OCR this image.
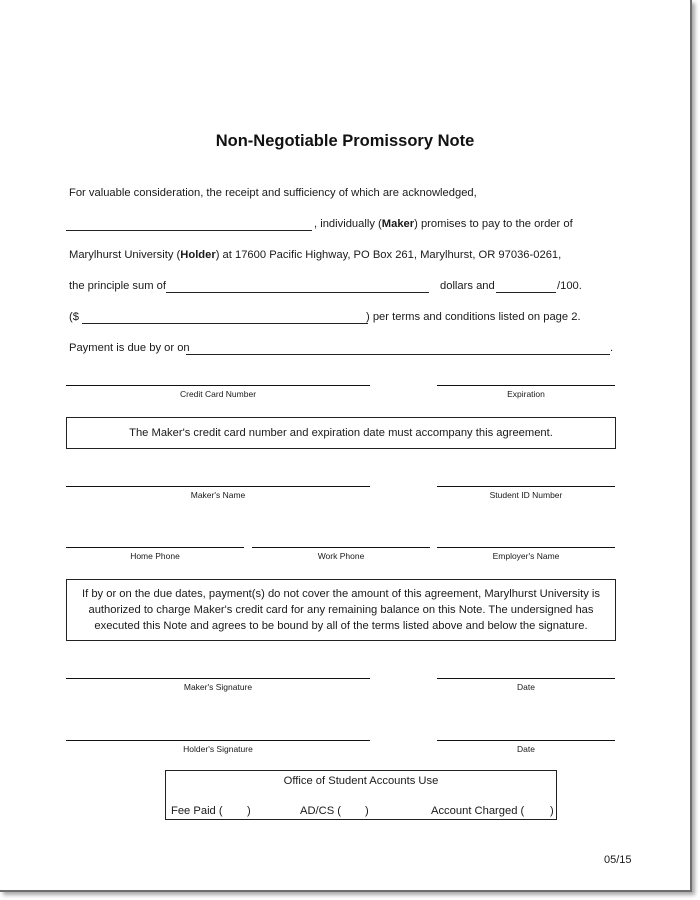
Non-Negotiable Promissory Note
For valuable consideration, the receipt and sufficiency of which are acknowledged,
, individually (Maker) promises to pay to the order of
Marylhurst University (Holder) at 17600 Pacific Highway, PO Box 261, Marylhurst, OR 97036-0261,
the principle sum of	dollars and	/100.
($	) per terms and conditions listed on page 2.
Payment is due by or on	.
Credit Card Number	Expiration
The Maker's credit card number and expiration date must accompany this agreement.
Maker's Name	Student ID Number
Home Phone	Work Phone	Employer's Name
If by or on the due dates, payment(s) do not cover the amount of this agreement, Marylhurst University is
authorized to charge Maker's credit card for any remaining balance on this Note. The undersigned has
executed this Note and agrees to be bound by all of the terms listed above and below the signature.
Maker's Signature	Date
Holder's Signature	Date
Office of Student Accounts Use
Fee Paid ( )	AD/CS ( )	Account Charged ( )
05/15
